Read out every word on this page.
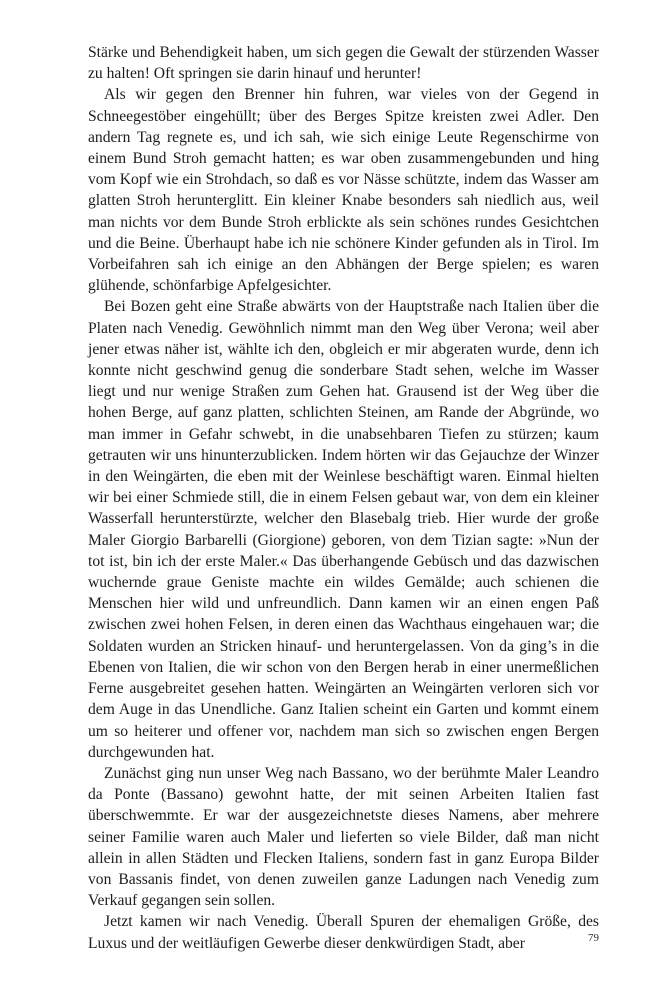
Stärke und Behendigkeit haben, um sich gegen die Gewalt der stürzenden Wasser zu halten! Oft springen sie darin hinauf und herunter!

Als wir gegen den Brenner hin fuhren, war vieles von der Gegend in Schneegestöber eingehüllt; über des Berges Spitze kreisten zwei Adler. Den andern Tag regnete es, und ich sah, wie sich einige Leute Regenschirme von einem Bund Stroh gemacht hatten; es war oben zusammengebunden und hing vom Kopf wie ein Strohdach, so daß es vor Nässe schützte, indem das Wasser am glatten Stroh herunterglitt. Ein kleiner Knabe besonders sah niedlich aus, weil man nichts vor dem Bunde Stroh erblickte als sein schönes rundes Gesichtchen und die Beine. Überhaupt habe ich nie schönere Kinder gefunden als in Tirol. Im Vorbeifahren sah ich einige an den Abhängen der Berge spielen; es waren glühende, schönfarbige Apfelgesichter.

Bei Bozen geht eine Straße abwärts von der Hauptstraße nach Italien über die Platen nach Venedig. Gewöhnlich nimmt man den Weg über Verona; weil aber jener etwas näher ist, wählte ich den, obgleich er mir abgeraten wurde, denn ich konnte nicht geschwind genug die sonderbare Stadt sehen, welche im Wasser liegt und nur wenige Straßen zum Gehen hat. Grausend ist der Weg über die hohen Berge, auf ganz platten, schlichten Steinen, am Rande der Abgründe, wo man immer in Gefahr schwebt, in die unabsehbaren Tiefen zu stürzen; kaum getrauten wir uns hinunterzublicken. Indem hörten wir das Gejauchze der Winzer in den Weingärten, die eben mit der Weinlese beschäftigt waren. Einmal hielten wir bei einer Schmiede still, die in einem Felsen gebaut war, von dem ein kleiner Wasserfall herunterstürzte, welcher den Blasebalg trieb. Hier wurde der große Maler Giorgio Barbarelli (Giorgione) geboren, von dem Tizian sagte: »Nun der tot ist, bin ich der erste Maler.« Das überhangende Gebüsch und das dazwischen wuchernde graue Geniste machte ein wildes Gemälde; auch schienen die Menschen hier wild und unfreundlich. Dann kamen wir an einen engen Paß zwischen zwei hohen Felsen, in deren einen das Wachthaus eingehauen war; die Soldaten wurden an Stricken hinauf- und heruntergelassen. Von da ging’s in die Ebenen von Italien, die wir schon von den Bergen herab in einer unermeßlichen Ferne ausgebreitet gesehen hatten. Weingärten an Weingärten verloren sich vor dem Auge in das Unendliche. Ganz Italien scheint ein Garten und kommt einem um so heiterer und offener vor, nachdem man sich so zwischen engen Bergen durchgewunden hat.

Zunächst ging nun unser Weg nach Bassano, wo der berühmte Maler Leandro da Ponte (Bassano) gewohnt hatte, der mit seinen Arbeiten Italien fast überschwemmte. Er war der ausgezeichnetste dieses Namens, aber mehrere seiner Familie waren auch Maler und lieferten so viele Bilder, daß man nicht allein in allen Städten und Flecken Italiens, sondern fast in ganz Europa Bilder von Bassanis findet, von denen zuweilen ganze Ladungen nach Venedig zum Verkauf gegangen sein sollen.

Jetzt kamen wir nach Venedig. Überall Spuren der ehemaligen Größe, des Luxus und der weitläufigen Gewerbe dieser denkwürdigen Stadt, aber	79
